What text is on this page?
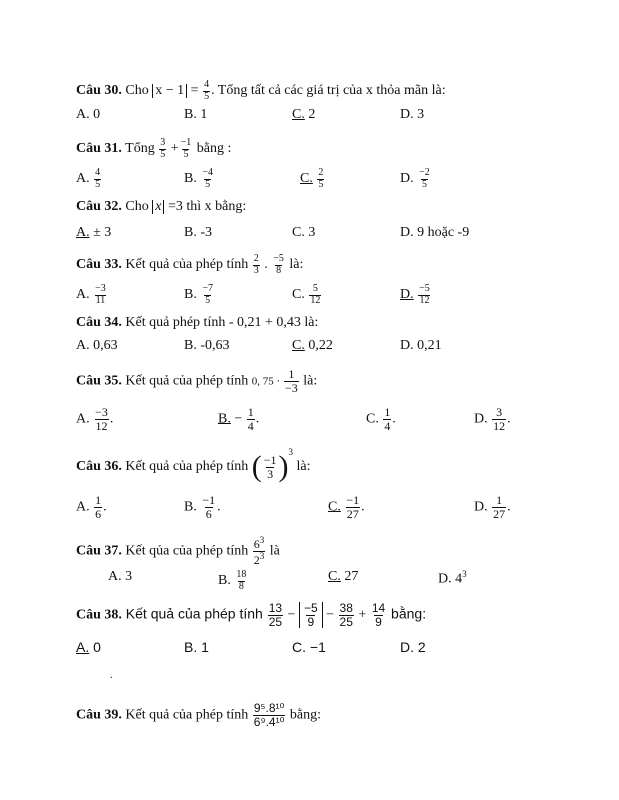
Câu 30. Cho $x - 1 = \frac{4}{5}$ . Tổng tất cả các giá trị của x thỏa mãn là:
A. 0	B. 1	C. 2	D. 3
Câu 31. Tổng $\frac{3}{5} + \frac{-1}{5}$ bằng :
A. $\frac{4}{5}$	B. $\frac{-4}{5}$	C. $\frac{2}{5}$	D. $\frac{-2}{5}$
Câu 32. Cho x =3 thì x bằng:
A. ± 3	B. -3	C. 3	D. 9 hoặc -9
Câu 33. Kết quả của phép tính $\frac{2}{3}$ . $\frac{-5}{8}$ là:
A. $\frac{-3}{11}$	B. $\frac{-7}{5}$	C. $\frac{5}{12}$	D. $\frac{-5}{12}$
Câu 34. Kết quả phép tính - 0,21 + 0,43 là:
A. 0,63	B. -0,63	C. 0,22	D. 0,21
Câu 35. Kết quả của phép tính 0, $75 \cdot \frac{1}{-3}$ là:
A. $\frac{-3}{12}$ .	B. − $\frac{1}{4}$ .	C. $\frac{1}{4}$ .	D. $\frac{3}{12}$ .
Câu 36. Kết quả của phép tính ( $\frac{-1}{3}$ ) $^3$ là:
A. $\frac{1}{6}$ .	B. $\frac{-1}{6}$ .	C. $\frac{-1}{27}$ .	D. $\frac{1}{27}$ .
Câu 37. Kết qủa của phép tính $\frac{6^3}{2^3}$ là
A. 3	B. $\frac{18}{8}$	C. 27	D. $4^3$
Câu 38. Kết quả của phép tính $\frac{13}{25} - \frac{-5}{9} - \frac{38}{25} + \frac{14}{9}$ bằng:
A. 0	B. 1	C. −1	D. 2
.
Câu 39. Kết quả của phép tính $\frac{\text{9⁵.8¹⁰}}{\text{6⁹.4¹⁰}}$ bằng:
